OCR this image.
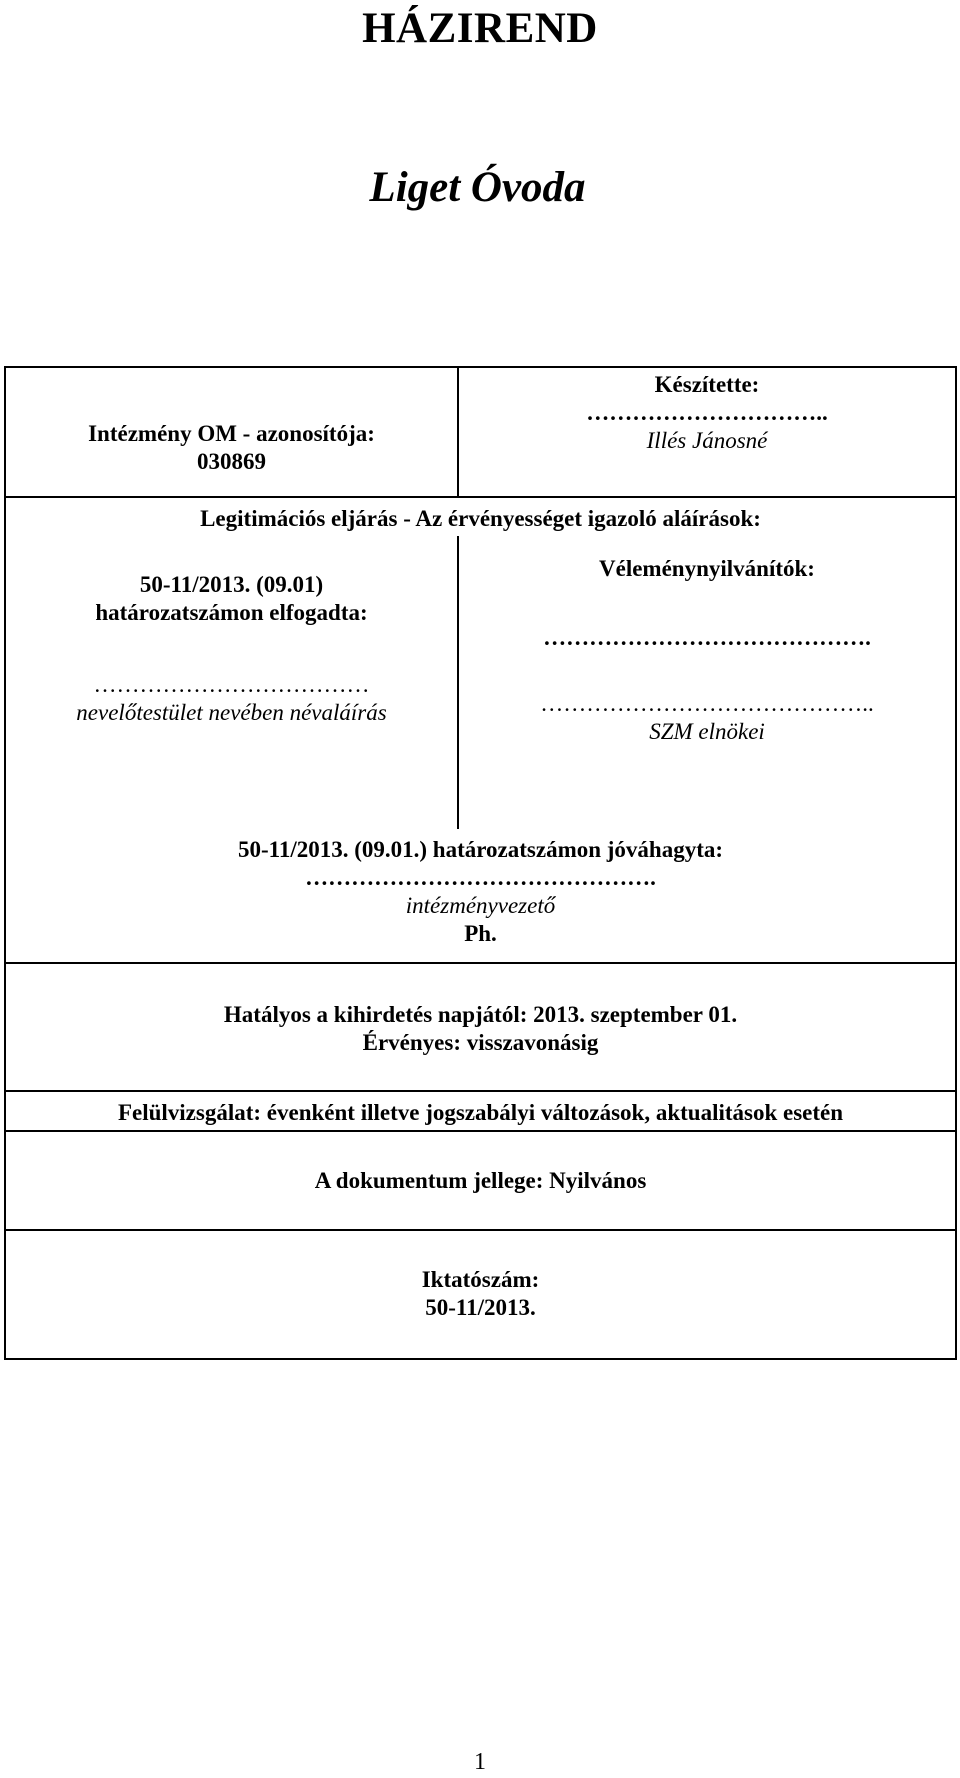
HÁZIREND
Liget Óvoda
Intézmény OM - azonosítója:
030869
Készítette:
…………………………..
Illés Jánosné
Legitimációs eljárás - Az érvényességet igazoló aláírások:
50-11/2013. (09.01)
határozatszámon elfogadta:
………………………………
nevelőtestület nevében névaláírás
Véleménynyilvánítók:
…………………………………….
……………………………………..
SZM elnökei
50-11/2013. (09.01.) határozatszámon jóváhagyta:
……………………………………….
intézményvezető
Ph.
Hatályos a kihirdetés napjától: 2013. szeptember 01.
Érvényes: visszavonásig
Felülvizsgálat: évenként illetve jogszabályi változások, aktualitások esetén
A dokumentum jellege: Nyilvános
Iktatószám:
50-11/2013.
1
